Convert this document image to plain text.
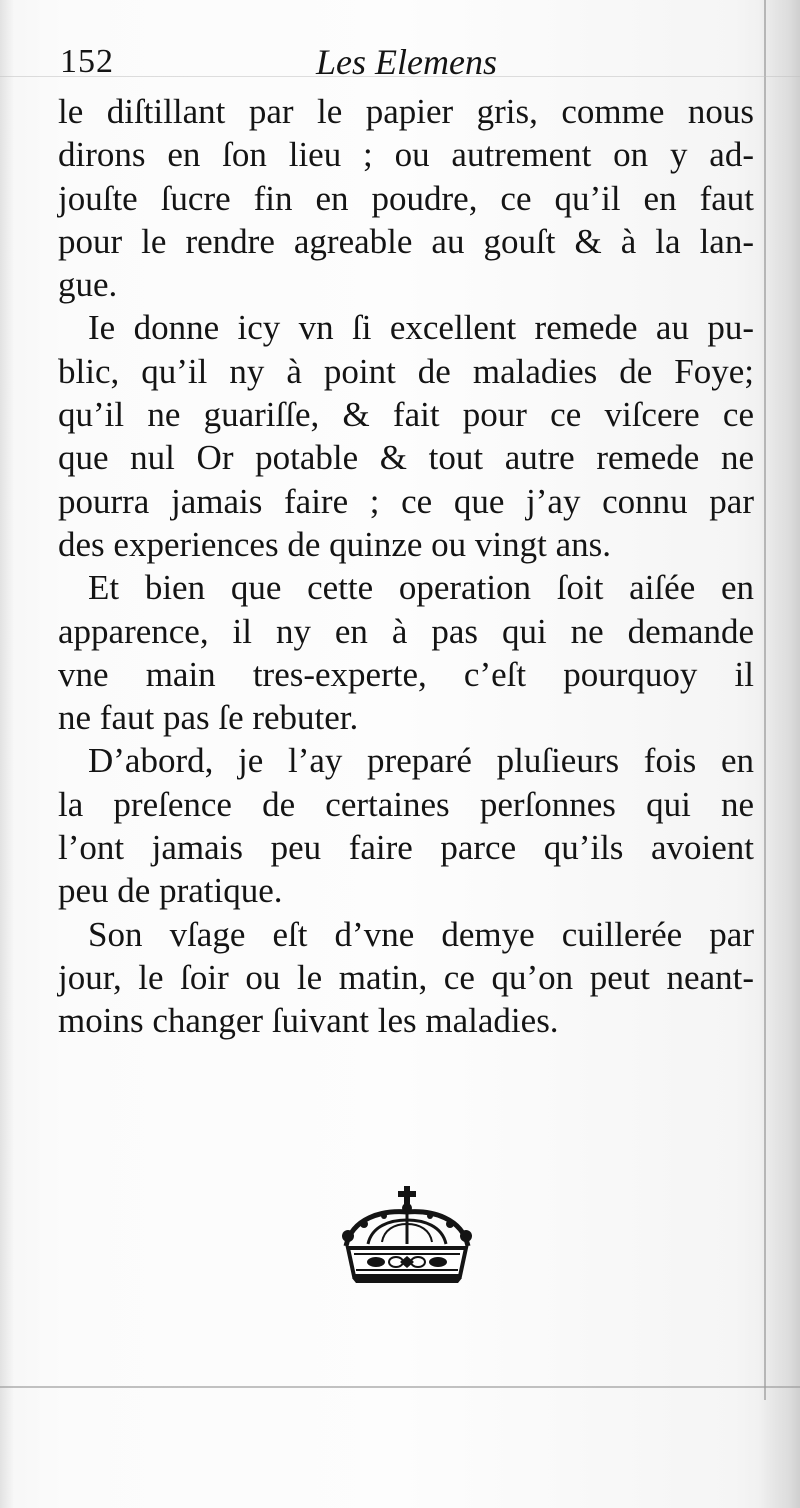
152	Les Elemens
le diſtillant par le papier gris, comme nous
dirons en ſon lieu ; ou autrement on y ad-
jouſte ſucre fin en poudre, ce qu’il en faut
pour le rendre agreable au gouſt & à la lan-
gue.
Ie donne icy vn ſi excellent remede au pu-
blic, qu’il ny à point de maladies de Foye;
qu’il ne guariſſe, & fait pour ce viſcere ce
que nul Or potable & tout autre remede ne
pourra jamais faire ; ce que j’ay connu par
des experiences de quinze ou vingt ans.
Et bien que cette operation ſoit aiſée en
apparence, il ny en à pas qui ne demande
vne main tres-experte, c’eſt pourquoy il
ne faut pas ſe rebuter.
D’abord, je l’ay preparé pluſieurs fois en
la preſence de certaines perſonnes qui ne
l’ont jamais peu faire parce qu’ils avoient
peu de pratique.
Son vſage eſt d’vne demye cuillerée par
jour, le ſoir ou le matin, ce qu’on peut neant-
moins changer ſuivant les maladies.
